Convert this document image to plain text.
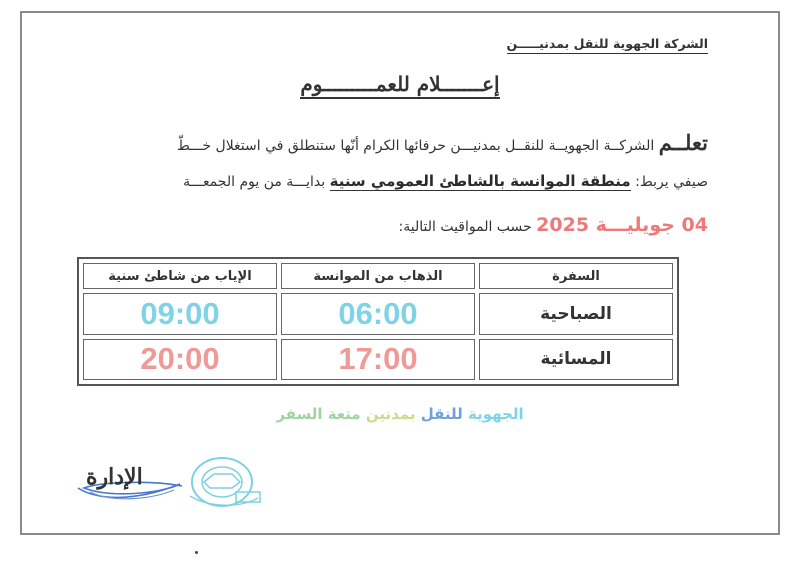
الشركة الجهوية للنقل بمدنيـــــن
إعـــــــلام للعمـــــــــوم
تعلــم الشركــة الجهويــة للنقــل بمدنيـــن حرفائها الكرام أنّها ستنطلق في استغلال خـــطّ
صيفي يربط: منطقة الموانسة بالشاطئ العمومي سنية بدايـــة من يوم الجمعـــة
04 جويليـــة 2025 حسب المواقيت التالية:
السفرة	الذهاب من الموانسة	الإياب من شاطئ سنية
الصباحية	06:00	09:00
المسائية	17:00	20:00
الجهوية للنقل بمدنين متعة السفر
الإدارة
